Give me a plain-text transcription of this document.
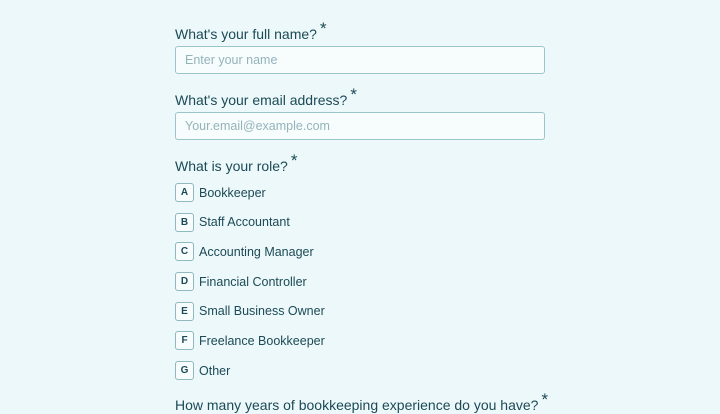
What's your full name? *
Enter your name
What's your email address? *
Your.email@example.com
What is your role? *
A Bookkeeper
B Staff Accountant
C Accounting Manager
D Financial Controller
E Small Business Owner
F Freelance Bookkeeper
G Other
How many years of bookkeeping experience do you have? *
